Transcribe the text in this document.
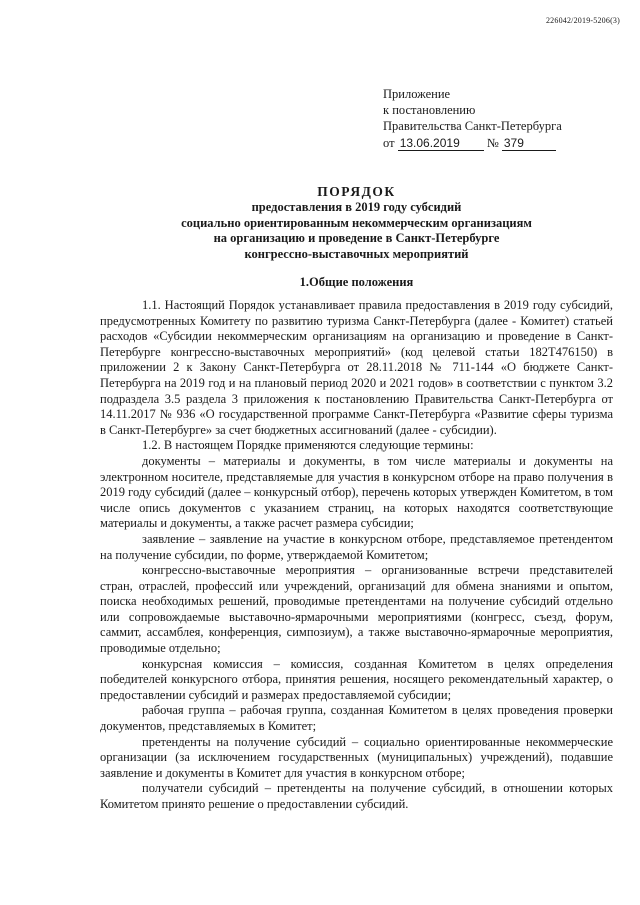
226042/2019-5206(3)
Приложение
к постановлению
Правительства Санкт-Петербурга
от 13.06.2019 № 379
ПОРЯДОК
предоставления в 2019 году субсидий
социально ориентированным некоммерческим организациям
на организацию и проведение в Санкт-Петербурге
конгрессно-выставочных мероприятий
1.Общие положения

1.1. Настоящий Порядок устанавливает правила предоставления в 2019 году субсидий, предусмотренных Комитету по развитию туризма Санкт-Петербурга (далее - Комитет) статьей расходов «Субсидии некоммерческим организациям на организацию и проведение в Санкт-Петербурге конгрессно-выставочных мероприятий» (код целевой статьи 182Т476150) в приложении 2 к Закону Санкт-Петербурга от 28.11.2018 № 711-144 «О бюджете Санкт-Петербурга на 2019 год и на плановый период 2020 и 2021 годов» в соответствии с пунктом 3.2 подраздела 3.5 раздела 3 приложения к постановлению Правительства Санкт-Петербурга от 14.11.2017 № 936 «О государственной программе Санкт-Петербурга «Развитие сферы туризма в Санкт-Петербурге» за счет бюджетных ассигнований (далее - субсидии).

1.2. В настоящем Порядке применяются следующие термины:

документы – материалы и документы, в том числе материалы и документы на электронном носителе, представляемые для участия в конкурсном отборе на право получения в 2019 году субсидий (далее – конкурсный отбор), перечень которых утвержден Комитетом, в том числе опись документов с указанием страниц, на которых находятся соответствующие материалы и документы, а также расчет размера субсидии;

заявление – заявление на участие в конкурсном отборе, представляемое претендентом на получение субсидии, по форме, утверждаемой Комитетом;

конгрессно-выставочные мероприятия – организованные встречи представителей стран, отраслей, профессий или учреждений, организаций для обмена знаниями и опытом, поиска необходимых решений, проводимые претендентами на получение субсидий отдельно или сопровождаемые выставочно-ярмарочными мероприятиями (конгресс, съезд, форум, саммит, ассамблея, конференция, симпозиум), а также выставочно-ярмарочные мероприятия, проводимые отдельно;

конкурсная комиссия – комиссия, созданная Комитетом в целях определения победителей конкурсного отбора, принятия решения, носящего рекомендательный характер, о предоставлении субсидий и размерах предоставляемой субсидии;

рабочая группа – рабочая группа, созданная Комитетом в целях проведения проверки документов, представляемых в Комитет;

претенденты на получение субсидий – социально ориентированные некоммерческие организации (за исключением государственных (муниципальных) учреждений), подавшие заявление и документы в Комитет для участия в конкурсном отборе;

получатели субсидий – претенденты на получение субсидий, в отношении которых Комитетом принято решение о предоставлении субсидий.
